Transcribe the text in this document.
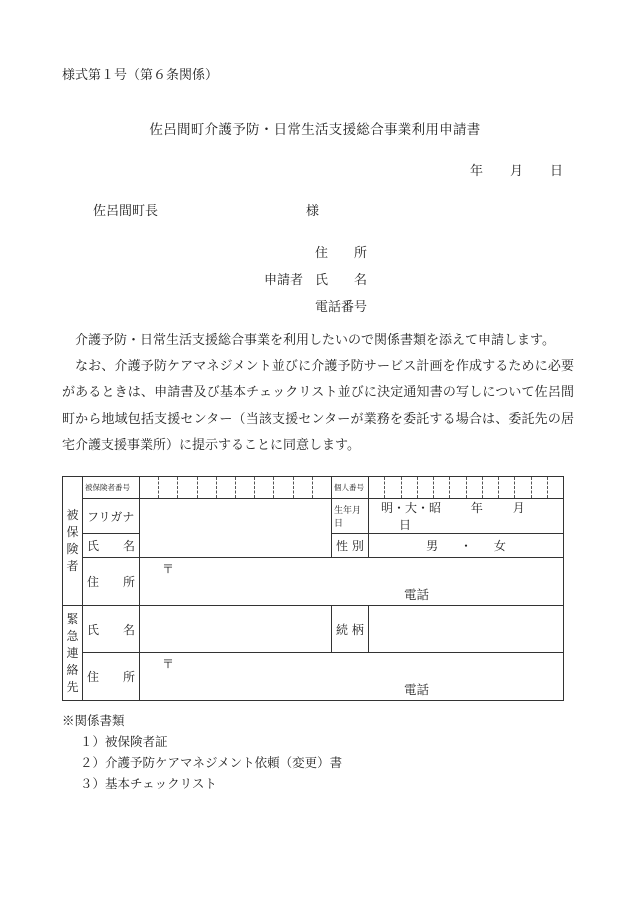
様式第１号（第６条関係）
佐呂間町介護予防・日常生活支援総合事業利用申請書
年 月 日
佐呂間町長	様
住　　所
申請者 氏　　名
電話番号

介護予防・日常生活支援総合事業を利用したいので関係書類を添えて申請します。

なお、介護予防ケアマネジメント並びに介護予防サービス計画を作成するために必要があるときは、申請書及び基本チェックリスト並びに決定通知書の写しについて佐呂間町から地域包括支援センター（当該支援センターが業務を委託する場合は、委託先の居宅介護支援事業所）に提示することに同意します。

被
保
険
者	被保険者番号		個人番号	

	フリガナ		生年月日	明・大・昭 年 月 日
	氏　　名		性 別	男 ・ 女
	住　　所	〒
電話		

緊
急
連
絡
先	氏　　名		続 柄	
	住　　所	〒
電話		
※関係書類
１）被保険者証
２）介護予防ケアマネジメント依頼（変更）書
３）基本チェックリスト
